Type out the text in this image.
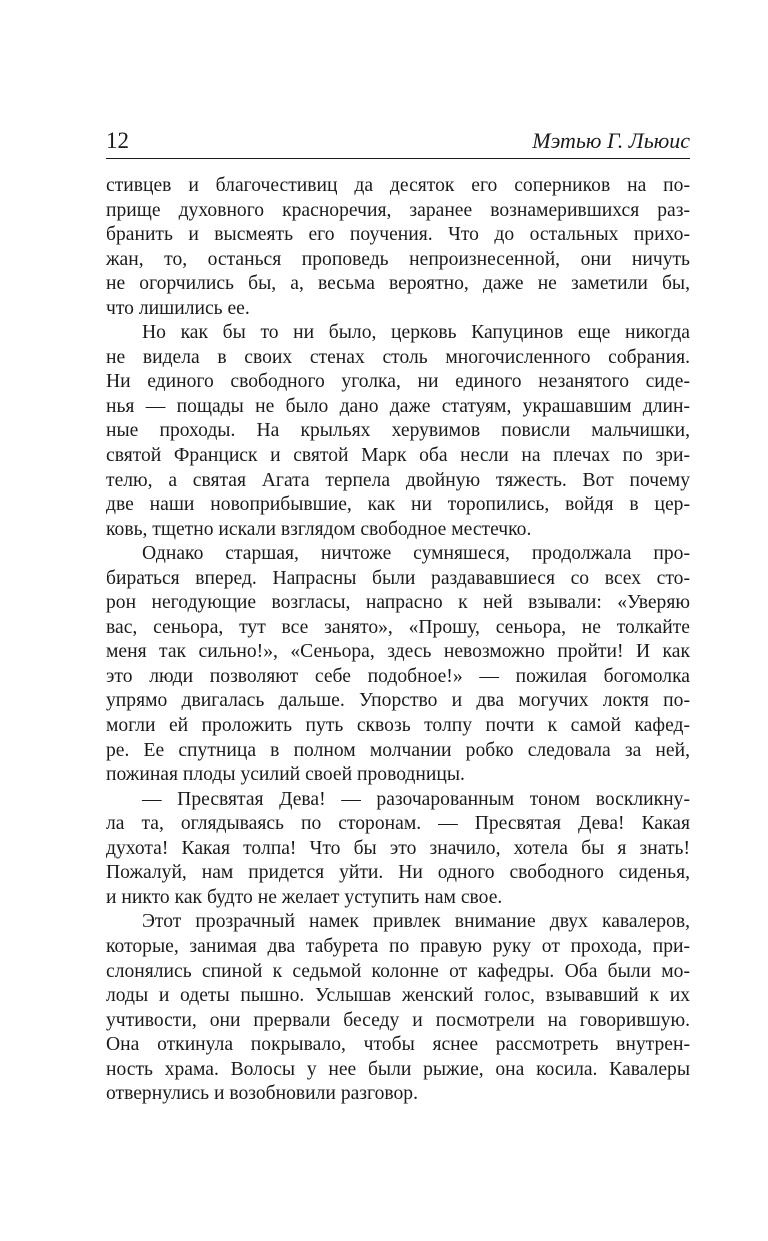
12	Мэтью Г. Льюис
стивцев и благочестивиц да десяток его соперников на по-
прище духовного красноречия, заранее вознамерившихся раз-
бранить и высмеять его поучения. Что до остальных прихо-
жан, то, останься проповедь непроизнесенной, они ничуть
не огорчились бы, а, весьма вероятно, даже не заметили бы,
что лишились ее.
Но как бы то ни было, церковь Капуцинов еще никогда
не видела в своих стенах столь многочисленного собрания.
Ни единого свободного уголка, ни единого незанятого сиде-
нья — пощады не было дано даже статуям, украшавшим длин-
ные проходы. На крыльях херувимов повисли мальчишки,
святой Франциск и святой Марк оба несли на плечах по зри-
телю, а святая Агата терпела двойную тяжесть. Вот почему
две наши новоприбывшие, как ни торопились, войдя в цер-
ковь, тщетно искали взглядом свободное местечко.
Однако старшая, ничтоже сумняшеся, продолжала про-
бираться вперед. Напрасны были раздававшиеся со всех сто-
рон негодующие возгласы, напрасно к ней взывали: «Уверяю
вас, сеньора, тут все занято», «Прошу, сеньора, не толкайте
меня так сильно!», «Сеньора, здесь невозможно пройти! И как
это люди позволяют себе подобное!» — пожилая богомолка
упрямо двигалась дальше. Упорство и два могучих локтя по-
могли ей проложить путь сквозь толпу почти к самой кафед-
ре. Ее спутница в полном молчании робко следовала за ней,
пожиная плоды усилий своей проводницы.
— Пресвятая Дева! — разочарованным тоном воскликну-
ла та, оглядываясь по сторонам. — Пресвятая Дева! Какая
духота! Какая толпа! Что бы это значило, хотела бы я знать!
Пожалуй, нам придется уйти. Ни одного свободного сиденья,
и никто как будто не желает уступить нам свое.
Этот прозрачный намек привлек внимание двух кавалеров,
которые, занимая два табурета по правую руку от прохода, при-
слонялись спиной к седьмой колонне от кафедры. Оба были мо-
лоды и одеты пышно. Услышав женский голос, взывавший к их
учтивости, они прервали беседу и посмотрели на говорившую.
Она откинула покрывало, чтобы яснее рассмотреть внутрен-
ность храма. Волосы у нее были рыжие, она косила. Кавалеры
отвернулись и возобновили разговор.
